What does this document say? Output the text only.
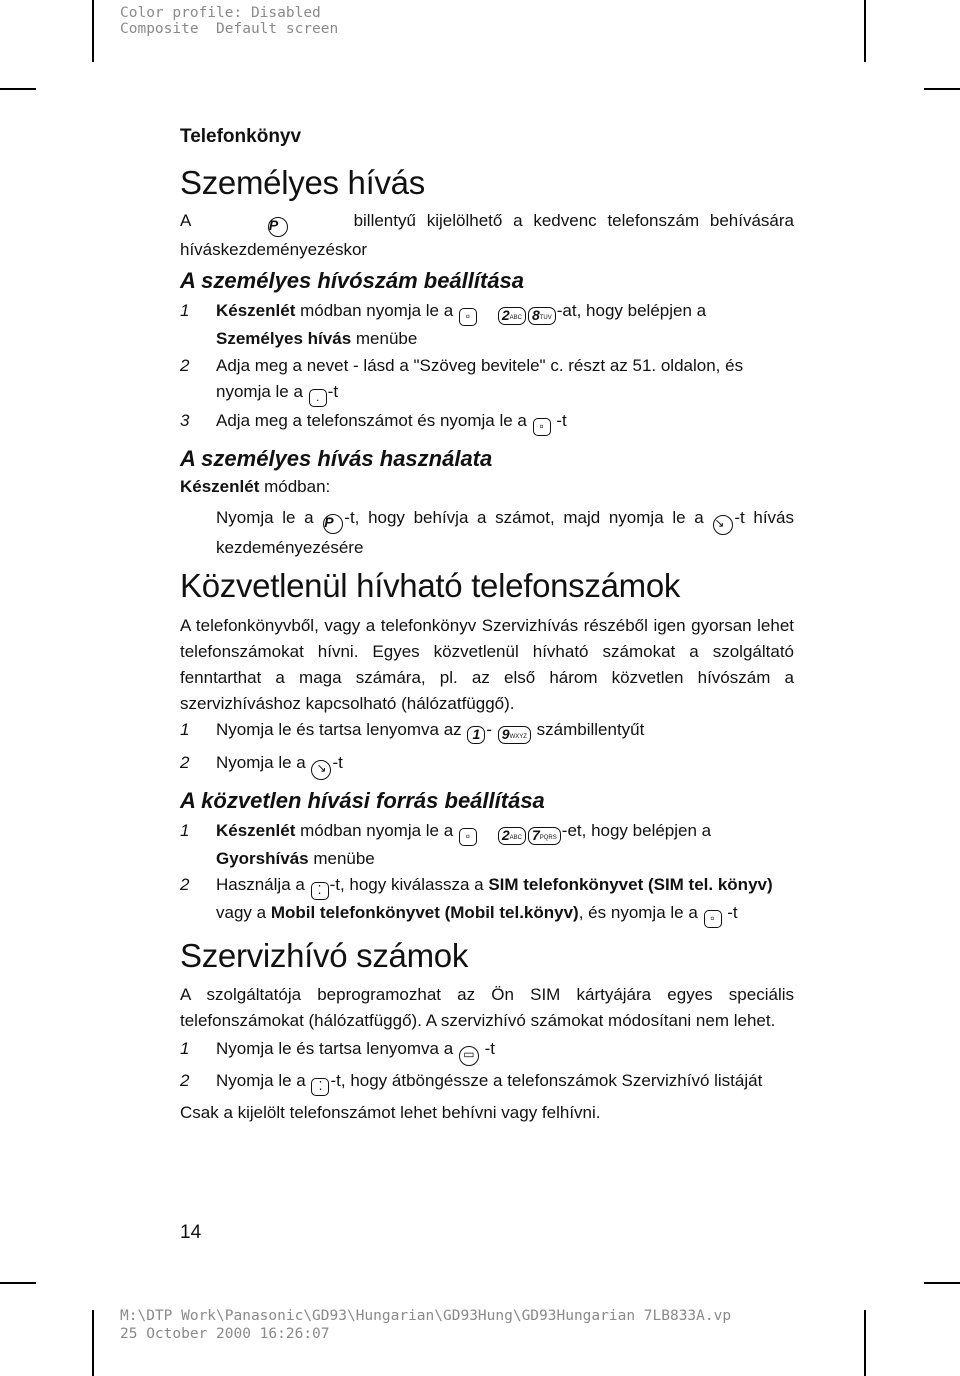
Color profile: Disabled
Composite  Default screen
Telefonkönyv
Személyes hívás
A	P	billentyű kijelölhető a kedvenc telefonszám behívására híváskezdeményezéskor
A személyes hívószám beállítása
1	Készenlét módban nyomja le a ▫ 2ABC 8TUV -at, hogy belépjen a Személyes hívás menübe
2	Adja meg a nevet - lásd a "Szöveg bevitele" c. részt az 51. oldalon, és nyomja le a . -t
3	Adja meg a telefonszámot és nyomja le a ▫ -t
A személyes hívás használata
Készenlét módban:
Nyomja le a P -t, hogy behívja a számot, majd nyomja le a ↘ -t hívás kezdeményezésére
Közvetlenül hívható telefonszámok
A telefonkönyvből, vagy a telefonkönyv Szervizhívás részéből igen gyorsan lehet telefonszámokat hívni. Egyes közvetlenül hívható számokat a szolgáltató fenntarthat a maga számára, pl. az első három közvetlen hívószám a szervizhíváshoz kapcsolható (hálózatfüggő).
1	Nyomja le és tartsa lenyomva az 1 - 9WXYZ számbillentyűt
2	Nyomja le a ↘ -t
A közvetlen hívási forrás beállítása
1	Készenlét módban nyomja le a ▫ 2ABC 7PQRS -et, hogy belépjen a Gyorshívás menübe
2	Használja a ⁚ -t, hogy kiválassza a SIM telefonkönyvet (SIM tel. könyv) vagy a Mobil telefonkönyvet (Mobil tel.könyv), és nyomja le a ▫ -t
Szervizhívó számok
A szolgáltatója beprogramozhat az Ön SIM kártyájára egyes speciális telefonszámokat (hálózatfüggő). A szervizhívó számokat módosítani nem lehet.
1	Nyomja le és tartsa lenyomva a ▭ -t
2	Nyomja le a ⁚ -t, hogy átböngéssze a telefonszámok Szervizhívó listáját
Csak a kijelölt telefonszámot lehet behívni vagy felhívni.
14
M:\DTP Work\Panasonic\GD93\Hungarian\GD93Hung\GD93Hungarian 7LB833A.vp
25 October 2000 16:26:07
